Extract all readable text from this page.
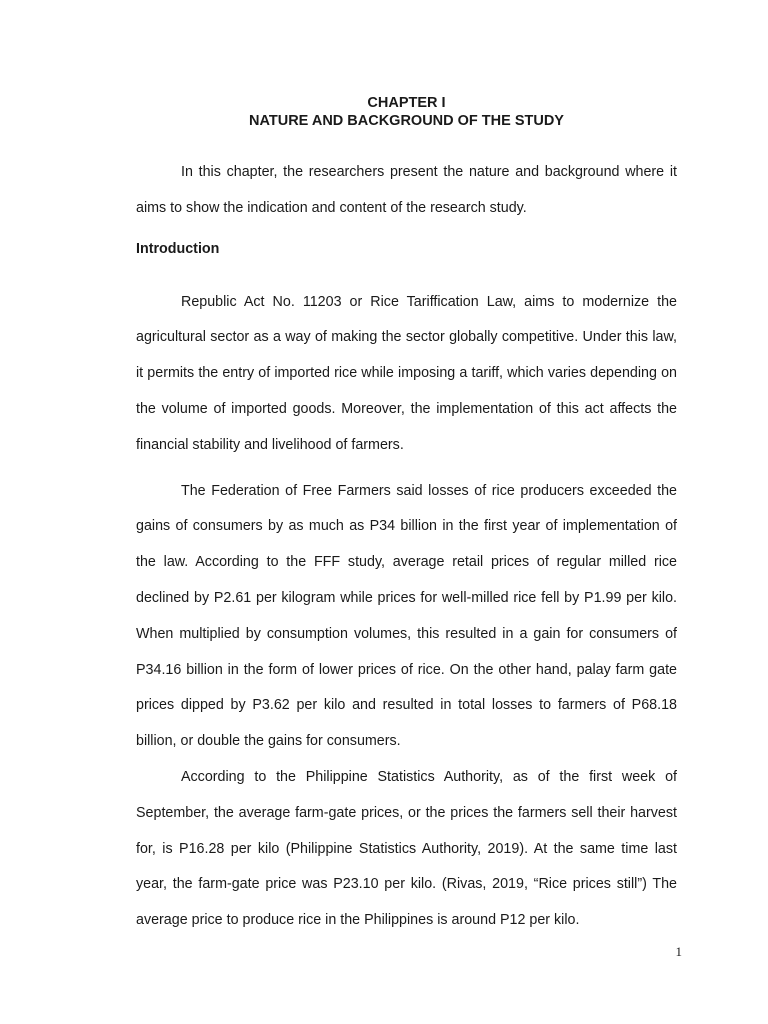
CHAPTER I

NATURE AND BACKGROUND OF THE STUDY

In this chapter, the researchers present the nature and background where it aims to show the indication and content of the research study.

Introduction

Republic Act No. 11203 or Rice Tariffication Law, aims to modernize the agricultural sector as a way of making the sector globally competitive. Under this law, it permits the entry of imported rice while imposing a tariff, which varies depending on the volume of imported goods. Moreover, the implementation of this act affects the financial stability and livelihood of farmers.

The Federation of Free Farmers said losses of rice producers exceeded the gains of consumers by as much as P34 billion in the first year of implementation of the law. According to the FFF study, average retail prices of regular milled rice declined by P2.61 per kilogram while prices for well-milled rice fell by P1.99 per kilo. When multiplied by consumption volumes, this resulted in a gain for consumers of P34.16 billion in the form of lower prices of rice. On the other hand, palay farm gate prices dipped by P3.62 per kilo and resulted in total losses to farmers of P68.18 billion, or double the gains for consumers.

According to the Philippine Statistics Authority, as of the first week of September, the average farm-gate prices, or the prices the farmers sell their harvest for, is P16.28 per kilo (Philippine Statistics Authority, 2019). At the same time last year, the farm-gate price was P23.10 per kilo. (Rivas, 2019, “Rice prices still”) The average price to produce rice in the Philippines is around P12 per kilo.

1
